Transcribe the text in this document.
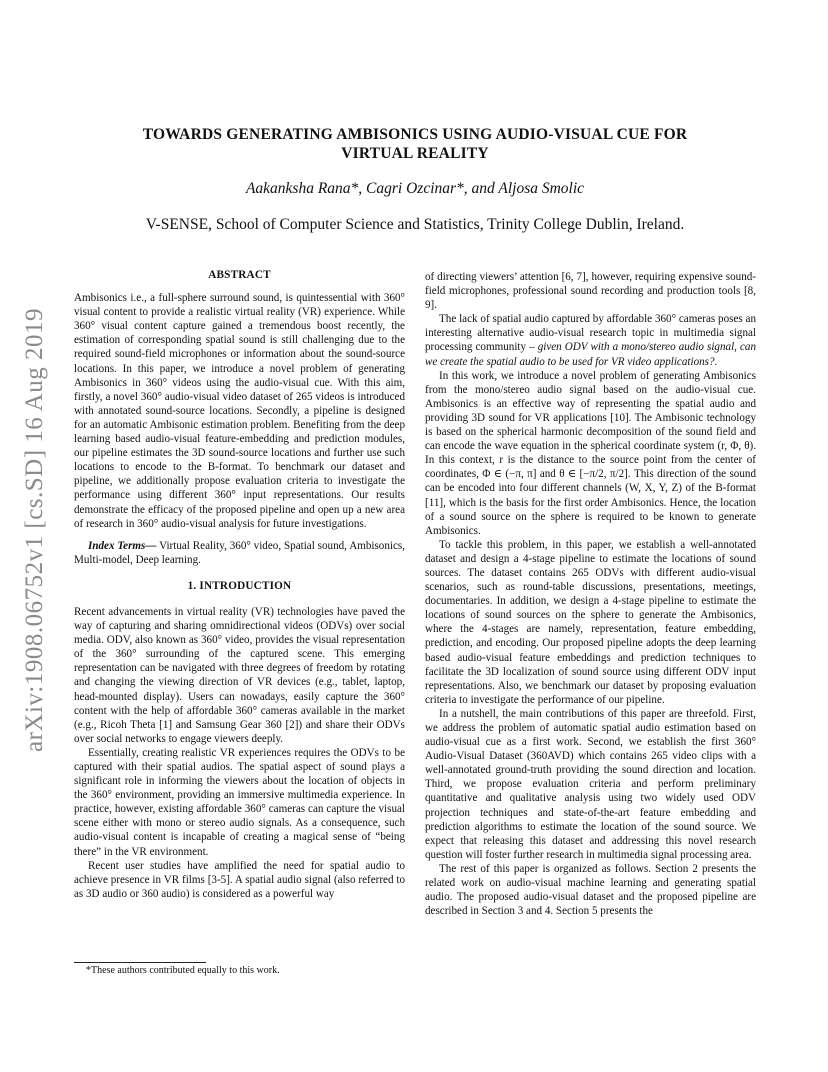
arXiv:1908.06752v1 [cs.SD] 16 Aug 2019
TOWARDS GENERATING AMBISONICS USING AUDIO-VISUAL CUE FOR
VIRTUAL REALITY
Aakanksha Rana*, Cagri Ozcinar*, and Aljosa Smolic
V-SENSE, School of Computer Science and Statistics, Trinity College Dublin, Ireland.
ABSTRACT

Ambisonics i.e., a full-sphere surround sound, is quintessential with 360° visual content to provide a realistic virtual reality (VR) experience. While 360° visual content capture gained a tremendous boost recently, the estimation of corresponding spatial sound is still challenging due to the required sound-field microphones or information about the sound-source locations. In this paper, we introduce a novel problem of generating Ambisonics in 360° videos using the audio-visual cue. With this aim, firstly, a novel 360° audio-visual video dataset of 265 videos is introduced with annotated sound-source locations. Secondly, a pipeline is designed for an automatic Ambisonic estimation problem. Benefiting from the deep learning based audio-visual feature-embedding and prediction modules, our pipeline estimates the 3D sound-source locations and further use such locations to encode to the B-format. To benchmark our dataset and pipeline, we additionally propose evaluation criteria to investigate the performance using different 360° input representations. Our results demonstrate the efficacy of the proposed pipeline and open up a new area of research in 360° audio-visual analysis for future investigations.

Index Terms— Virtual Reality, 360° video, Spatial sound, Ambisonics, Multi-model, Deep learning.

1. INTRODUCTION

Recent advancements in virtual reality (VR) technologies have paved the way of capturing and sharing omnidirectional videos (ODVs) over social media. ODV, also known as 360° video, provides the visual representation of the 360° surrounding of the captured scene. This emerging representation can be navigated with three degrees of freedom by rotating and changing the viewing direction of VR devices (e.g., tablet, laptop, head-mounted display). Users can nowadays, easily capture the 360° content with the help of affordable 360° cameras available in the market (e.g., Ricoh Theta [1] and Samsung Gear 360 [2]) and share their ODVs over social networks to engage viewers deeply.

Essentially, creating realistic VR experiences requires the ODVs to be captured with their spatial audios. The spatial aspect of sound plays a significant role in informing the viewers about the location of objects in the 360° environment, providing an immersive multimedia experience. In practice, however, existing affordable 360° cameras can capture the visual scene either with mono or stereo audio signals. As a consequence, such audio-visual content is incapable of creating a magical sense of “being there” in the VR environment.

Recent user studies have amplified the need for spatial audio to achieve presence in VR films [3-5]. A spatial audio signal (also referred to as 3D audio or 360 audio) is considered as a powerful way

of directing viewers’ attention [6, 7], however, requiring expensive sound-field microphones, professional sound recording and production tools [8, 9].

The lack of spatial audio captured by affordable 360° cameras poses an interesting alternative audio-visual research topic in multimedia signal processing community – given ODV with a mono/stereo audio signal, can we create the spatial audio to be used for VR video applications?.

In this work, we introduce a novel problem of generating Ambisonics from the mono/stereo audio signal based on the audio-visual cue. Ambisonics is an effective way of representing the spatial audio and providing 3D sound for VR applications [10]. The Ambisonic technology is based on the spherical harmonic decomposition of the sound field and can encode the wave equation in the spherical coordinate system (r, Φ, θ). In this context, r is the distance to the source point from the center of coordinates, Φ ∈ (−π, π] and θ ∈ [−π/2, π/2]. This direction of the sound can be encoded into four different channels (W, X, Y, Z) of the B-format [11], which is the basis for the first order Ambisonics. Hence, the location of a sound source on the sphere is required to be known to generate Ambisonics.

To tackle this problem, in this paper, we establish a well-annotated dataset and design a 4-stage pipeline to estimate the locations of sound sources. The dataset contains 265 ODVs with different audio-visual scenarios, such as round-table discussions, presentations, meetings, documentaries. In addition, we design a 4-stage pipeline to estimate the locations of sound sources on the sphere to generate the Ambisonics, where the 4-stages are namely, representation, feature embedding, prediction, and encoding. Our proposed pipeline adopts the deep learning based audio-visual feature embeddings and prediction techniques to facilitate the 3D localization of sound source using different ODV input representations. Also, we benchmark our dataset by proposing evaluation criteria to investigate the performance of our pipeline.

In a nutshell, the main contributions of this paper are threefold. First, we address the problem of automatic spatial audio estimation based on audio-visual cue as a first work. Second, we establish the first 360° Audio-Visual Dataset (360AVD) which contains 265 video clips with a well-annotated ground-truth providing the sound direction and location. Third, we propose evaluation criteria and perform preliminary quantitative and qualitative analysis using two widely used ODV projection techniques and state-of-the-art feature embedding and prediction algorithms to estimate the location of the sound source. We expect that releasing this dataset and addressing this novel research question will foster further research in multimedia signal processing area.

The rest of this paper is organized as follows. Section 2 presents the related work on audio-visual machine learning and generating spatial audio. The proposed audio-visual dataset and the proposed pipeline are described in Section 3 and 4. Section 5 presents the

*These authors contributed equally to this work.
